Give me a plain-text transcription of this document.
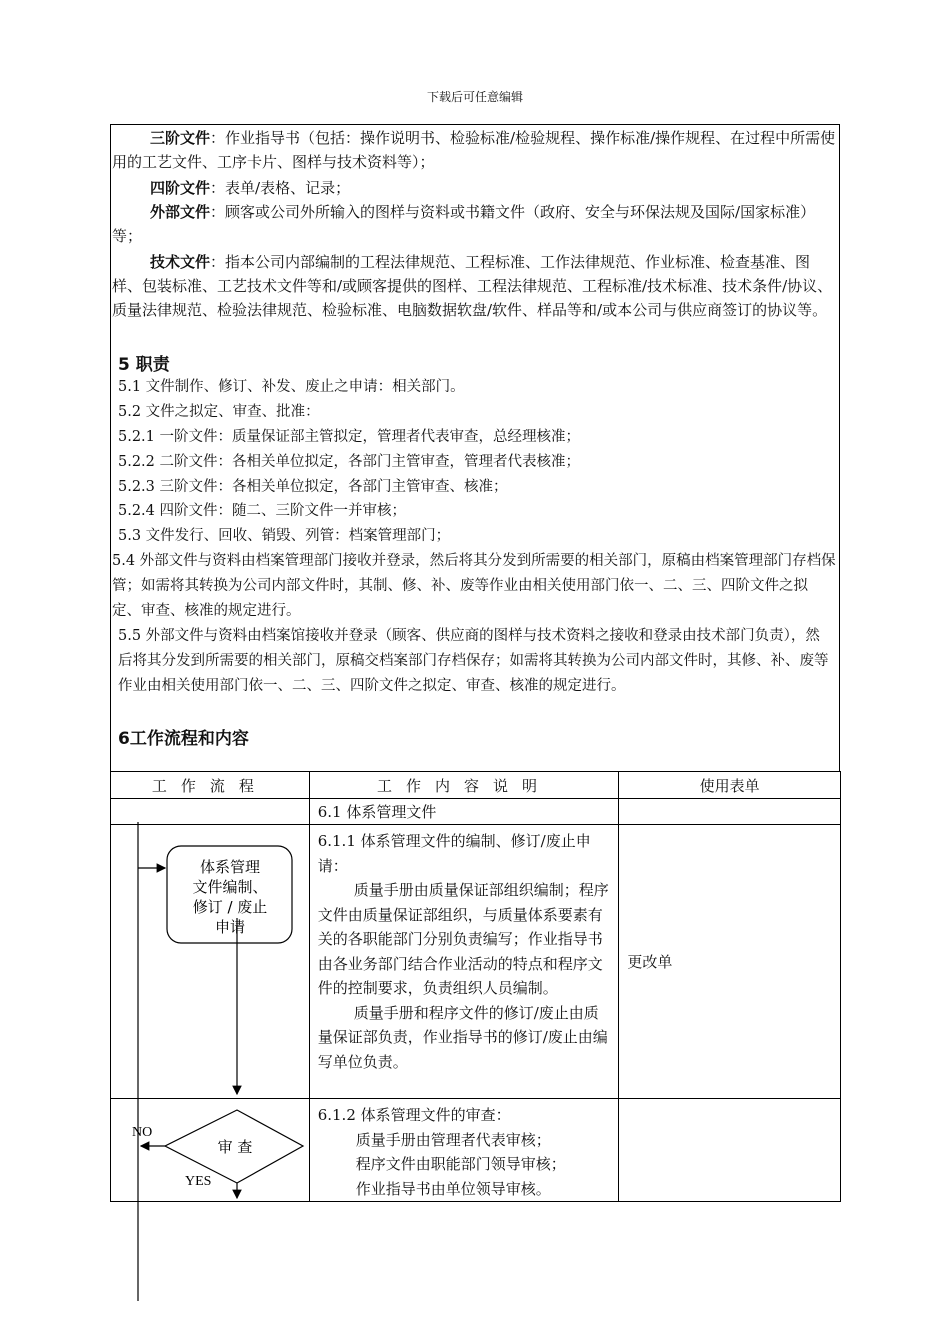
下载后可任意编辑

三阶文件：作业指导书（包括：操作说明书、检验标准/检验规程、操作标准/操作规程、在过程中所需使用的工艺文件、工序卡片、图样与技术资料等）；

四阶文件：表单/表格、记录；

外部文件：顾客或公司外所输入的图样与资料或书籍文件（政府、安全与环保法规及国际/国家标准）等；

技术文件：指本公司内部编制的工程法律规范、工程标准、工作法律规范、作业标准、检查基准、图样、包装标准、工艺技术文件等和/或顾客提供的图样、工程法律规范、工程标准/技术标准、技术条件/协议、质量法律规范、检验法律规范、检验标准、电脑数据软盘/软件、样品等和/或本公司与供应商签订的协议等。

5 职责

5.1 文件制作、修订、补发、废止之申请：相关部门。

5.2 文件之拟定、审查、批准：

5.2.1 一阶文件：质量保证部主管拟定，管理者代表审查，总经理核准；

5.2.2 二阶文件：各相关单位拟定，各部门主管审查，管理者代表核准；

5.2.3 三阶文件：各相关单位拟定，各部门主管审查、核准；

5.2.4 四阶文件：随二、三阶文件一并审核；

5.3 文件发行、回收、销毁、列管：档案管理部门；

5.4 外部文件与资料由档案管理部门接收并登录，然后将其分发到所需要的相关部门，原稿由档案管理部门存档保管；如需将其转换为公司内部文件时，其制、修、补、废等作业由相关使用部门依一、二、三、四阶文件之拟定、审查、核准的规定进行。

5.5 外部文件与资料由档案馆接收并登录（顾客、供应商的图样与技术资料之接收和登录由技术部门负责），然后将其分发到所需要的相关部门，原稿交档案部门存档保存；如需将其转换为公司内部文件时，其修、补、废等作业由相关使用部门依一、二、三、四阶文件之拟定、审查、核准的规定进行。

6工作流程和内容
工作流程	工作内容说明	使用表单
	6.1 体系管理文件	

	6.1.1 体系管理文件的编制、修订/废止申请：
质量手册由质量保证部组织编制；程序文件由质量保证部组织，与质量体系要素有关的各职能部门分别负责编写；作业指导书由各业务部门结合作业活动的特点和程序文件的控制要求，负责组织人员编制。
质量手册和程序文件的修订/废止由质量保证部负责，作业指导书的修订/废止由编写单位负责。	更改单

	6.1.2 体系管理文件的审查：
质量手册由管理者代表审核；
程序文件由职能部门领导审核；
作业指导书由单位领导审核。	

体系管理
文件编制、
修订 / 废止
申请
审 查
NO
YES
